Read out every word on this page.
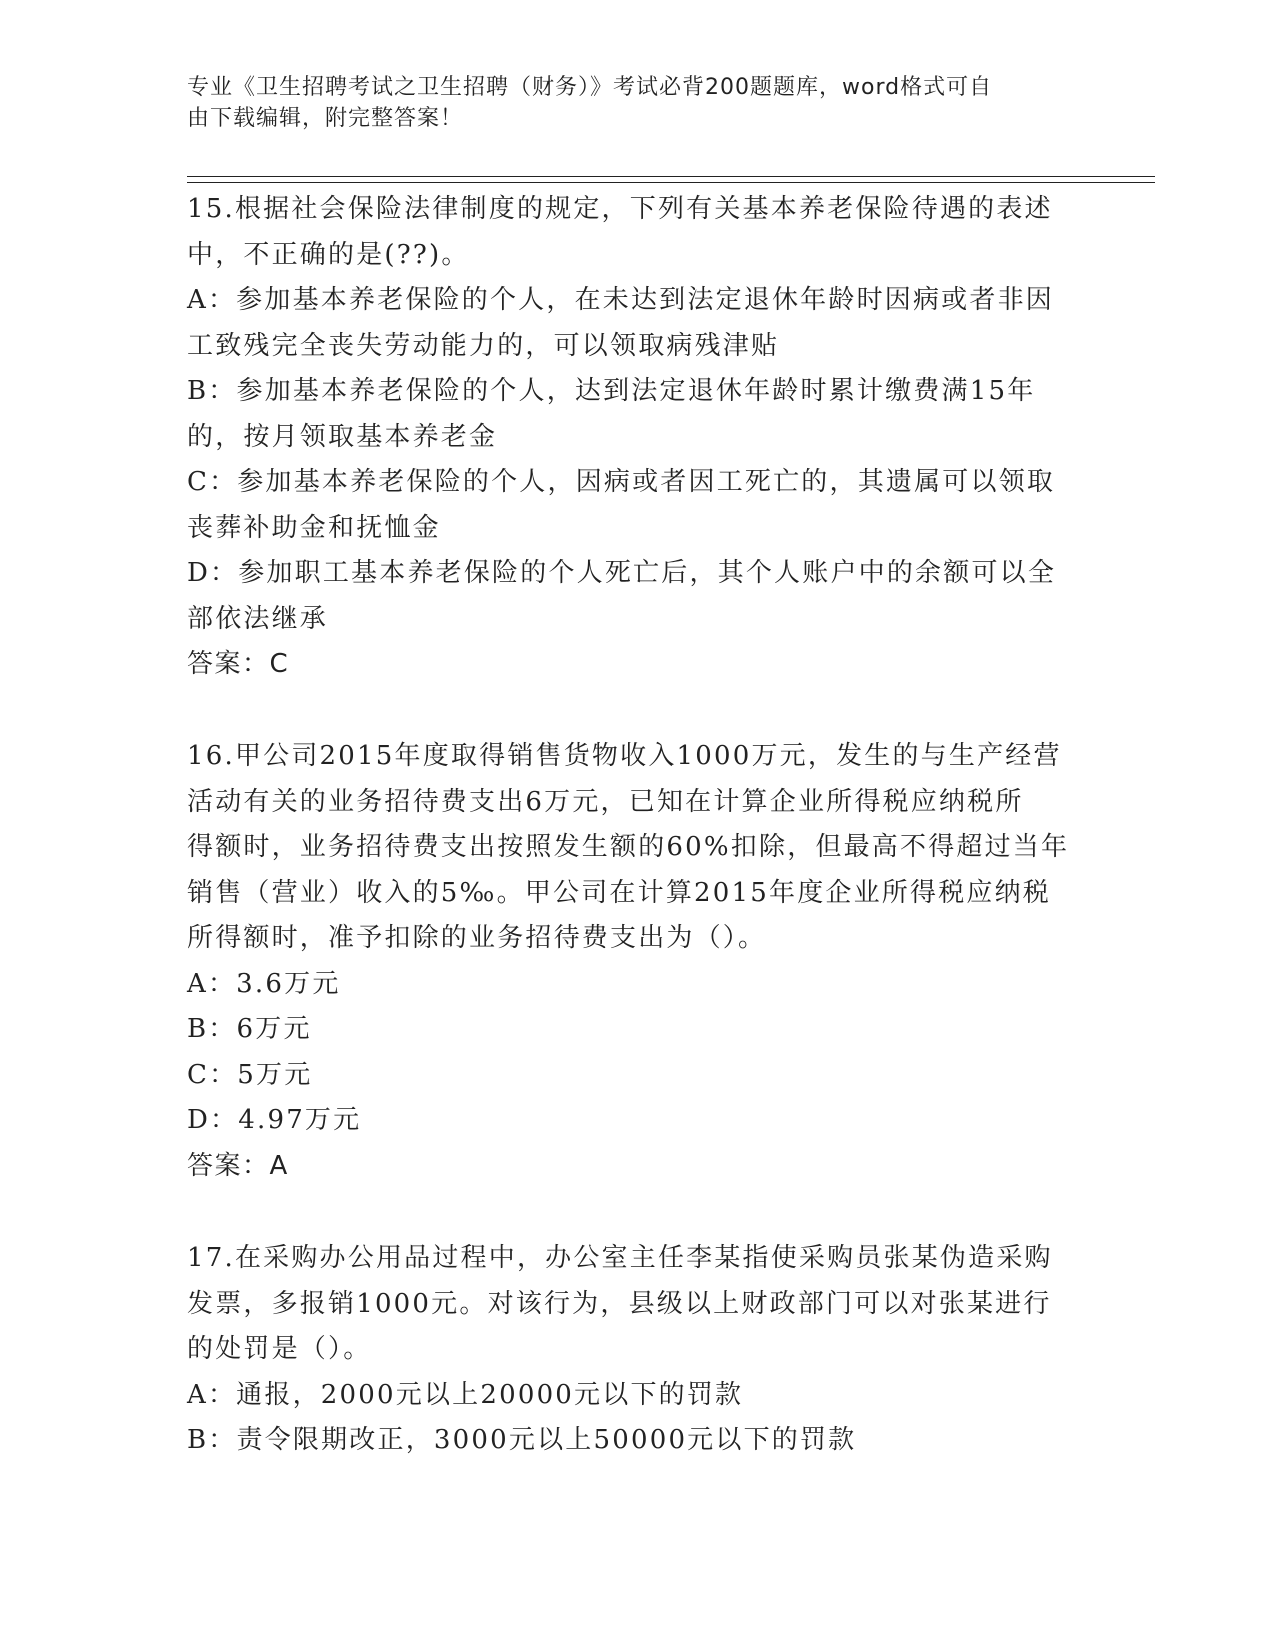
专业《卫生招聘考试之卫生招聘（财务）》考试必背200题题库，word格式可自
由下载编辑，附完整答案！
15.根据社会保险法律制度的规定，下列有关基本养老保险待遇的表述
中，不正确的是(??)。
A：参加基本养老保险的个人，在未达到法定退休年龄时因病或者非因
工致残完全丧失劳动能力的，可以领取病残津贴
B：参加基本养老保险的个人，达到法定退休年龄时累计缴费满15年
的，按月领取基本养老金
C：参加基本养老保险的个人，因病或者因工死亡的，其遗属可以领取
丧葬补助金和抚恤金
D：参加职工基本养老保险的个人死亡后，其个人账户中的余额可以全
部依法继承
答案：C
16.甲公司2015年度取得销售货物收入1000万元，发生的与生产经营
活动有关的业务招待费支出6万元，已知在计算企业所得税应纳税所
得额时，业务招待费支出按照发生额的60%扣除，但最高不得超过当年
销售（营业）收入的5‰。甲公司在计算2015年度企业所得税应纳税
所得额时，准予扣除的业务招待费支出为（）。
A：3.6万元
B：6万元
C：5万元
D：4.97万元
答案：A
17.在采购办公用品过程中，办公室主任李某指使采购员张某伪造采购
发票，多报销1000元。对该行为，县级以上财政部门可以对张某进行
的处罚是（）。
A：通报，2000元以上20000元以下的罚款
B：责令限期改正，3000元以上50000元以下的罚款
